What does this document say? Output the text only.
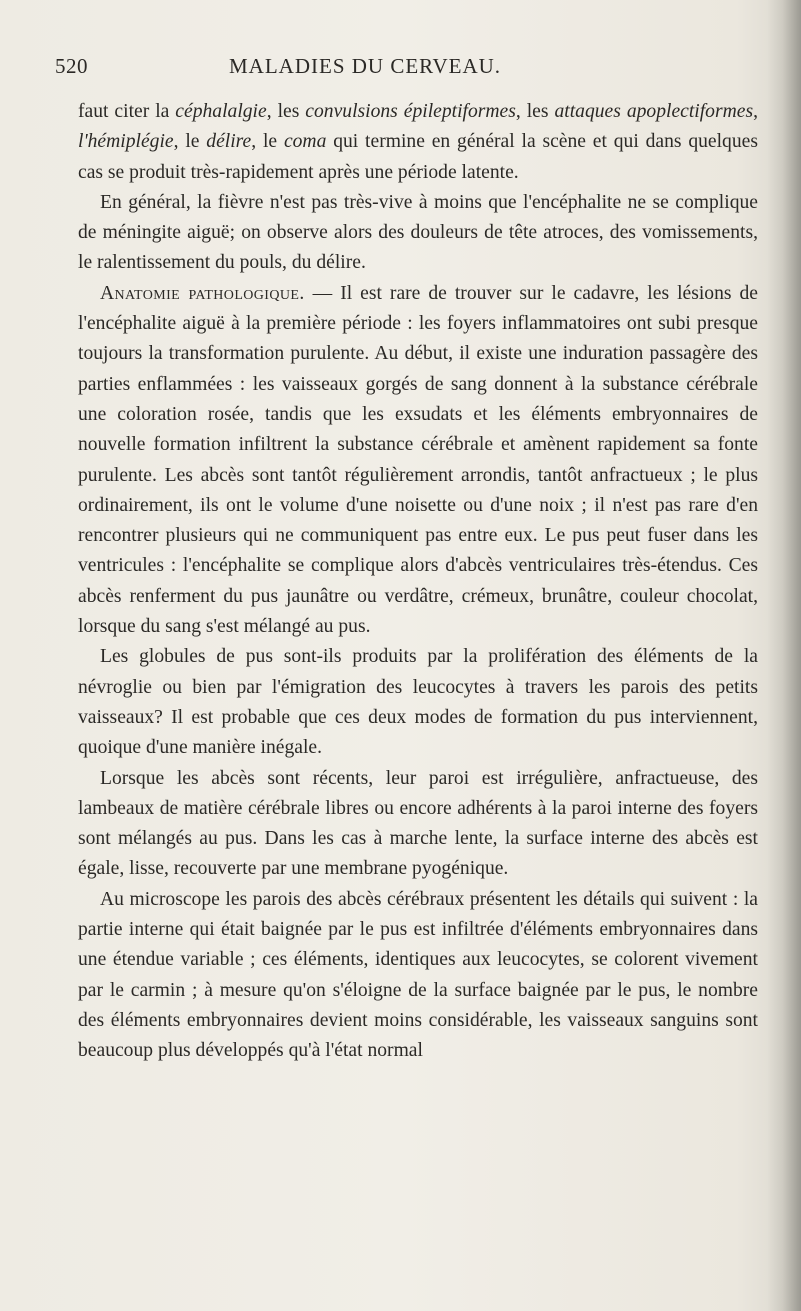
520	MALADIES DU CERVEAU.

faut citer la céphalalgie, les convulsions épileptiformes, les attaques apoplectiformes, l'hémiplégie, le délire, le coma qui termine en général la scène et qui dans quelques cas se produit très-rapidement après une période latente.

En général, la fièvre n'est pas très-vive à moins que l'encéphalite ne se complique de méningite aiguë; on observe alors des douleurs de tête atroces, des vomissements, le ralentissement du pouls, du délire.

Anatomie pathologique. — Il est rare de trouver sur le cadavre, les lésions de l'encéphalite aiguë à la première période : les foyers inflammatoires ont subi presque toujours la transformation purulente. Au début, il existe une induration passagère des parties enflammées : les vaisseaux gorgés de sang donnent à la substance cérébrale une coloration rosée, tandis que les exsudats et les éléments embryonnaires de nouvelle formation infiltrent la substance cérébrale et amènent rapidement sa fonte purulente. Les abcès sont tantôt régulièrement arrondis, tantôt anfractueux ; le plus ordinairement, ils ont le volume d'une noisette ou d'une noix ; il n'est pas rare d'en rencontrer plusieurs qui ne communiquent pas entre eux. Le pus peut fuser dans les ventricules : l'encéphalite se complique alors d'abcès ventriculaires très-étendus. Ces abcès renferment du pus jaunâtre ou verdâtre, crémeux, brunâtre, couleur chocolat, lorsque du sang s'est mélangé au pus.

Les globules de pus sont-ils produits par la prolifération des éléments de la névroglie ou bien par l'émigration des leucocytes à travers les parois des petits vaisseaux? Il est probable que ces deux modes de formation du pus interviennent, quoique d'une manière inégale.

Lorsque les abcès sont récents, leur paroi est irrégulière, anfractueuse, des lambeaux de matière cérébrale libres ou encore adhérents à la paroi interne des foyers sont mélangés au pus. Dans les cas à marche lente, la surface interne des abcès est égale, lisse, recouverte par une membrane pyogénique.

Au microscope les parois des abcès cérébraux présentent les détails qui suivent : la partie interne qui était baignée par le pus est infiltrée d'éléments embryonnaires dans une étendue variable ; ces éléments, identiques aux leucocytes, se colorent vivement par le carmin ; à mesure qu'on s'éloigne de la surface baignée par le pus, le nombre des éléments embryonnaires devient moins considérable, les vaisseaux sanguins sont beaucoup plus développés qu'à l'état normal
